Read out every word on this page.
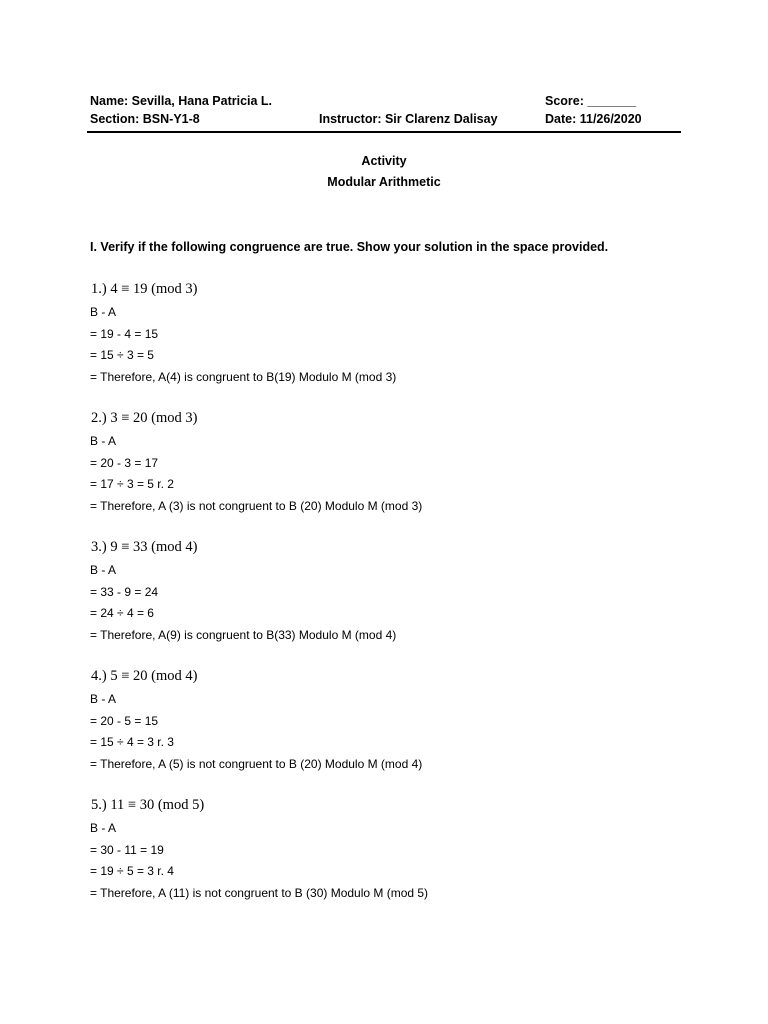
Name: Sevilla, Hana Patricia L.	Score: _______
Section: BSN-Y1-8	Instructor: Sir Clarenz Dalisay	Date: 11/26/2020
Activity
Modular Arithmetic
I. Verify if the following congruence are true. Show your solution in the space provided.
1.) 4 ≡ 19 (mod 3)
B - A
= 19 - 4 = 15
= 15 ÷ 3 = 5
= Therefore, A(4) is congruent to B(19) Modulo M (mod 3)
2.) 3 ≡ 20 (mod 3)
B - A
= 20 - 3 = 17
= 17 ÷ 3 = 5 r. 2
= Therefore, A (3) is not congruent to B (20) Modulo M (mod 3)
3.) 9 ≡ 33 (mod 4)
B - A
= 33 - 9 = 24
= 24 ÷ 4 = 6
= Therefore, A(9) is congruent to B(33) Modulo M (mod 4)
4.) 5 ≡ 20 (mod 4)
B - A
= 20 - 5 = 15
= 15 ÷ 4 = 3 r. 3
= Therefore, A (5) is not congruent to B (20) Modulo M (mod 4)
5.) 11 ≡ 30 (mod 5)
B - A
= 30 - 11 = 19
= 19 ÷ 5 = 3 r. 4
= Therefore, A (11) is not congruent to B (30) Modulo M (mod 5)
